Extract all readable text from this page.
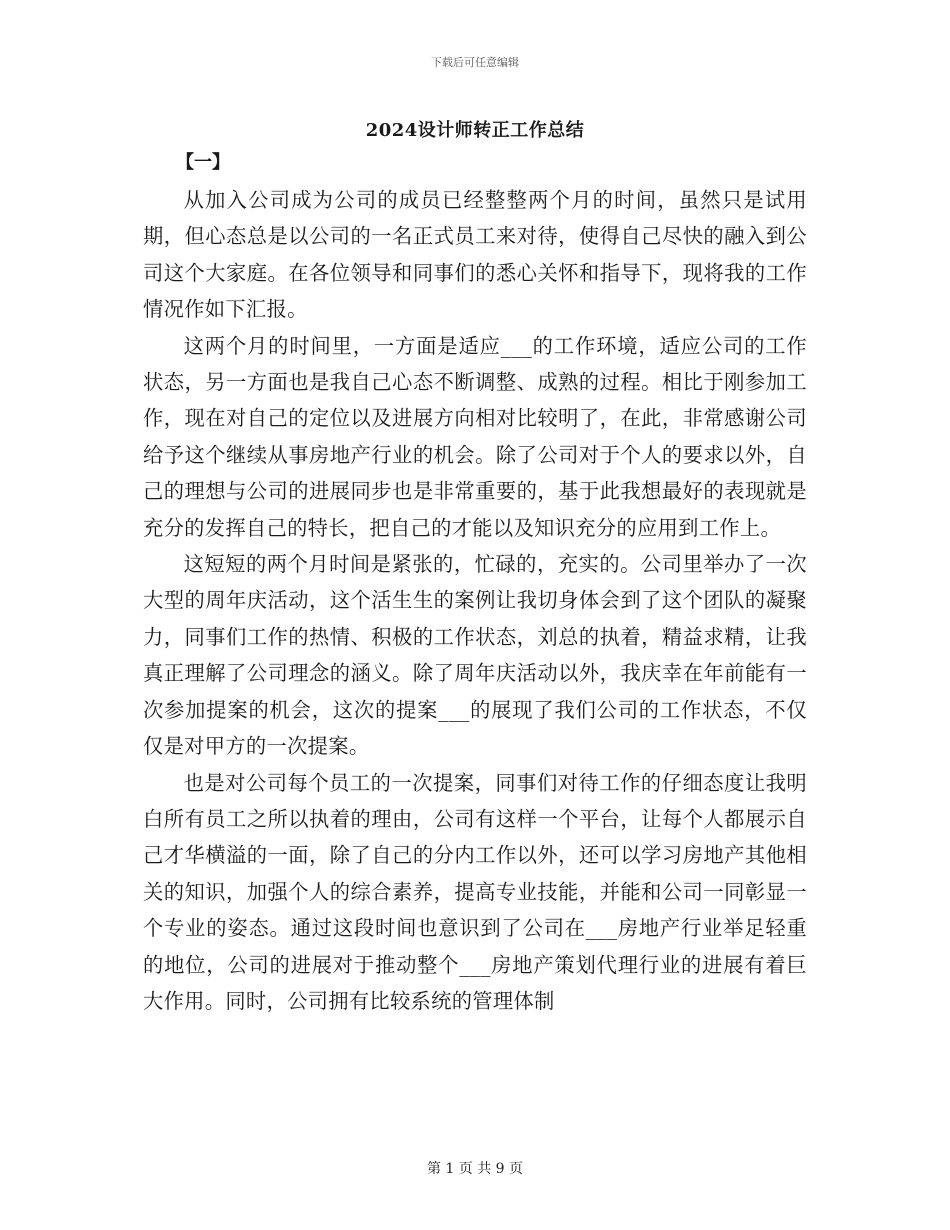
下载后可任意编辑
2024设计师转正工作总结
【一】

从加入公司成为公司的成员已经整整两个月的时间，虽然只是试用期，但心态总是以公司的一名正式员工来对待，使得自己尽快的融入到公司这个大家庭。在各位领导和同事们的悉心关怀和指导下，现将我的工作情况作如下汇报。

这两个月的时间里，一方面是适应___的工作环境，适应公司的工作状态，另一方面也是我自己心态不断调整、成熟的过程。相比于刚参加工作，现在对自己的定位以及进展方向相对比较明了，在此，非常感谢公司给予这个继续从事房地产行业的机会。除了公司对于个人的要求以外，自己的理想与公司的进展同步也是非常重要的，基于此我想最好的表现就是充分的发挥自己的特长，把自己的才能以及知识充分的应用到工作上。

这短短的两个月时间是紧张的，忙碌的，充实的。公司里举办了一次大型的周年庆活动，这个活生生的案例让我切身体会到了这个团队的凝聚力，同事们工作的热情、积极的工作状态，刘总的执着，精益求精，让我真正理解了公司理念的涵义。除了周年庆活动以外，我庆幸在年前能有一次参加提案的机会，这次的提案___的展现了我们公司的工作状态，不仅仅是对甲方的一次提案。

也是对公司每个员工的一次提案，同事们对待工作的仔细态度让我明白所有员工之所以执着的理由，公司有这样一个平台，让每个人都展示自己才华横溢的一面，除了自己的分内工作以外，还可以学习房地产其他相关的知识，加强个人的综合素养，提高专业技能，并能和公司一同彰显一个专业的姿态。通过这段时间也意识到了公司在___房地产行业举足轻重的地位，公司的进展对于推动整个___房地产策划代理行业的进展有着巨大作用。同时，公司拥有比较系统的管理体制

第 1 页 共 9 页
